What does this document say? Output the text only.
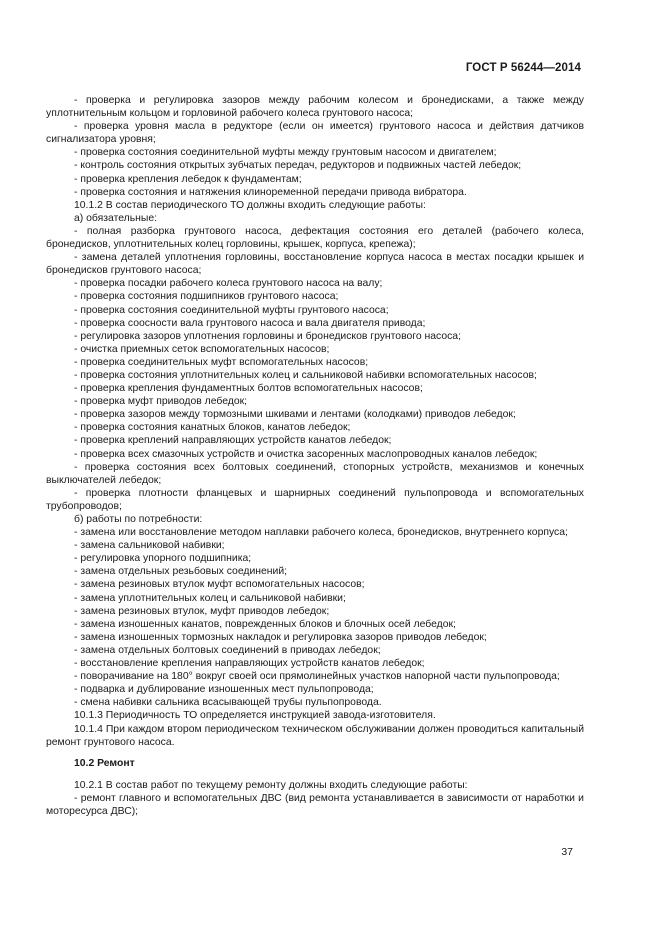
ГОСТ Р 56244—2014

- проверка и регулировка зазоров между рабочим колесом и бронедисками, а также между уплотнительным кольцом и горловиной рабочего колеса грунтового насоса;

- проверка уровня масла в редукторе (если он имеется) грунтового насоса и действия датчиков сигнализатора уровня;

- проверка состояния соединительной муфты между грунтовым насосом и двигателем;

- контроль состояния открытых зубчатых передач, редукторов и подвижных частей лебедок;

- проверка крепления лебедок к фундаментам;

- проверка состояния и натяжения клиноременной передачи привода вибратора.

10.1.2 В состав периодического ТО должны входить следующие работы:

а) обязательные:

- полная разборка грунтового насоса, дефектация состояния его деталей (рабочего колеса, бронедисков, уплотнительных колец горловины, крышек, корпуса, крепежа);

- замена деталей уплотнения горловины, восстановление корпуса насоса в местах посадки крышек и бронедисков грунтового насоса;

- проверка посадки рабочего колеса грунтового насоса на валу;

- проверка состояния подшипников грунтового насоса;

- проверка состояния соединительной муфты грунтового насоса;

- проверка соосности вала грунтового насоса и вала двигателя привода;

- регулировка зазоров уплотнения горловины и бронедисков грунтового насоса;

- очистка приемных сеток вспомогательных насосов;

- проверка соединительных муфт вспомогательных насосов;

- проверка состояния уплотнительных колец и сальниковой набивки вспомогательных насосов;

- проверка крепления фундаментных болтов вспомогательных насосов;

- проверка муфт приводов лебедок;

- проверка зазоров между тормозными шкивами и лентами (колодками) приводов лебедок;

- проверка состояния канатных блоков, канатов лебедок;

- проверка креплений направляющих устройств канатов лебедок;

- проверка всех смазочных устройств и очистка засоренных маслопроводных каналов лебедок;

- проверка состояния всех болтовых соединений, стопорных устройств, механизмов и конечных выключателей лебедок;

- проверка плотности фланцевых и шарнирных соединений пульпопровода и вспомогательных трубопроводов;

б) работы по потребности:

- замена или восстановление методом наплавки рабочего колеса, бронедисков, внутреннего корпуса;

- замена сальниковой набивки;

- регулировка упорного подшипника;

- замена отдельных резьбовых соединений;

- замена резиновых втулок муфт вспомогательных насосов;

- замена уплотнительных колец и сальниковой набивки;

- замена резиновых втулок, муфт приводов лебедок;

- замена изношенных канатов, поврежденных блоков и блочных осей лебедок;

- замена изношенных тормозных накладок и регулировка зазоров приводов лебедок;

- замена отдельных болтовых соединений в приводах лебедок;

- восстановление крепления направляющих устройств канатов лебедок;

- поворачивание на 180° вокруг своей оси прямолинейных участков напорной части пульпопровода;

- подварка и дублирование изношенных мест пульпопровода;

- смена набивки сальника всасывающей трубы пульпопровода.

10.1.3 Периодичность ТО определяется инструкцией завода-изготовителя.

10.1.4 При каждом втором периодическом техническом обслуживании должен проводиться капитальный ремонт грунтового насоса.

10.2 Ремонт

10.2.1 В состав работ по текущему ремонту должны входить следующие работы:

- ремонт главного и вспомогательных ДВС (вид ремонта устанавливается в зависимости от наработки и моторесурса ДВС);

37
